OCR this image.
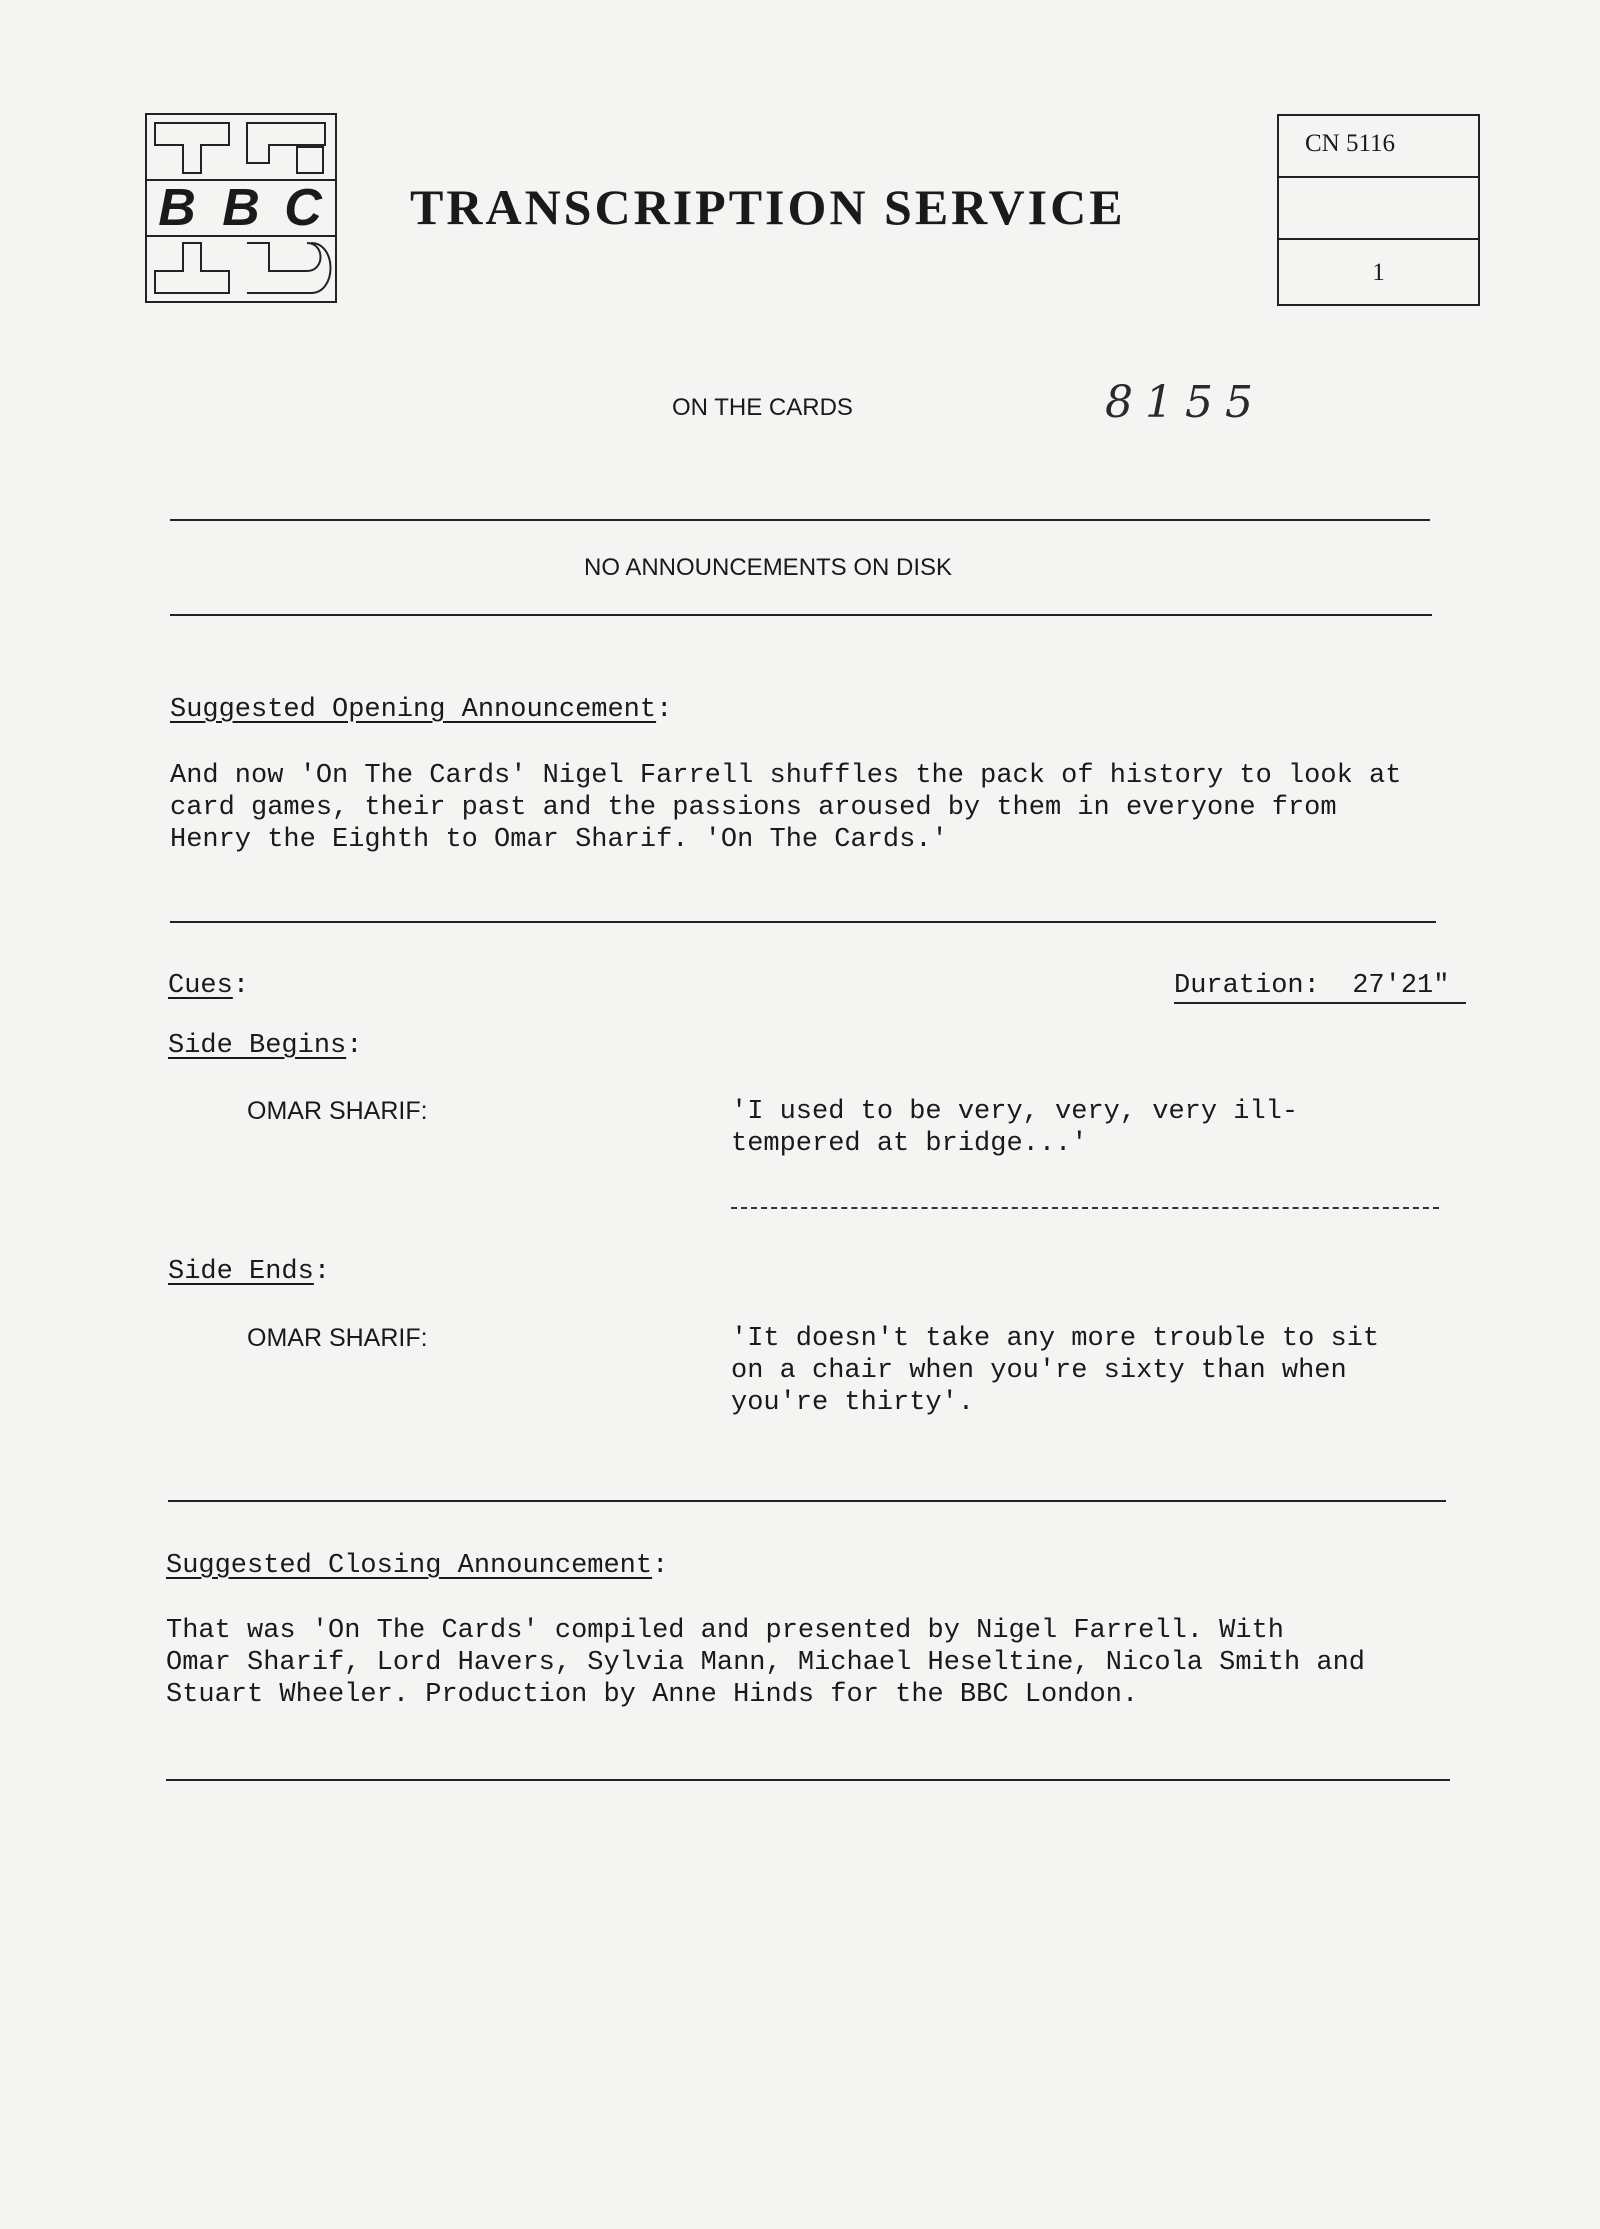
B B C TRANSCRIPTION SERVICE
CN 5116
1
ON THE CARDS	8155
NO ANNOUNCEMENTS ON DISK
Suggested Opening Announcement:
And now 'On The Cards' Nigel Farrell shuffles the pack of history to look at
card games, their past and the passions aroused by them in everyone from
Henry the Eighth to Omar Sharif. 'On The Cards.'
Cues:	Duration: 27'21"
Side Begins:
OMAR SHARIF:	'I used to be very, very, very ill-
tempered at bridge...'
Side Ends:
OMAR SHARIF:	'It doesn't take any more trouble to sit
on a chair when you're sixty than when
you're thirty'.
Suggested Closing Announcement:
That was 'On The Cards' compiled and presented by Nigel Farrell. With
Omar Sharif, Lord Havers, Sylvia Mann, Michael Heseltine, Nicola Smith and
Stuart Wheeler. Production by Anne Hinds for the BBC London.
